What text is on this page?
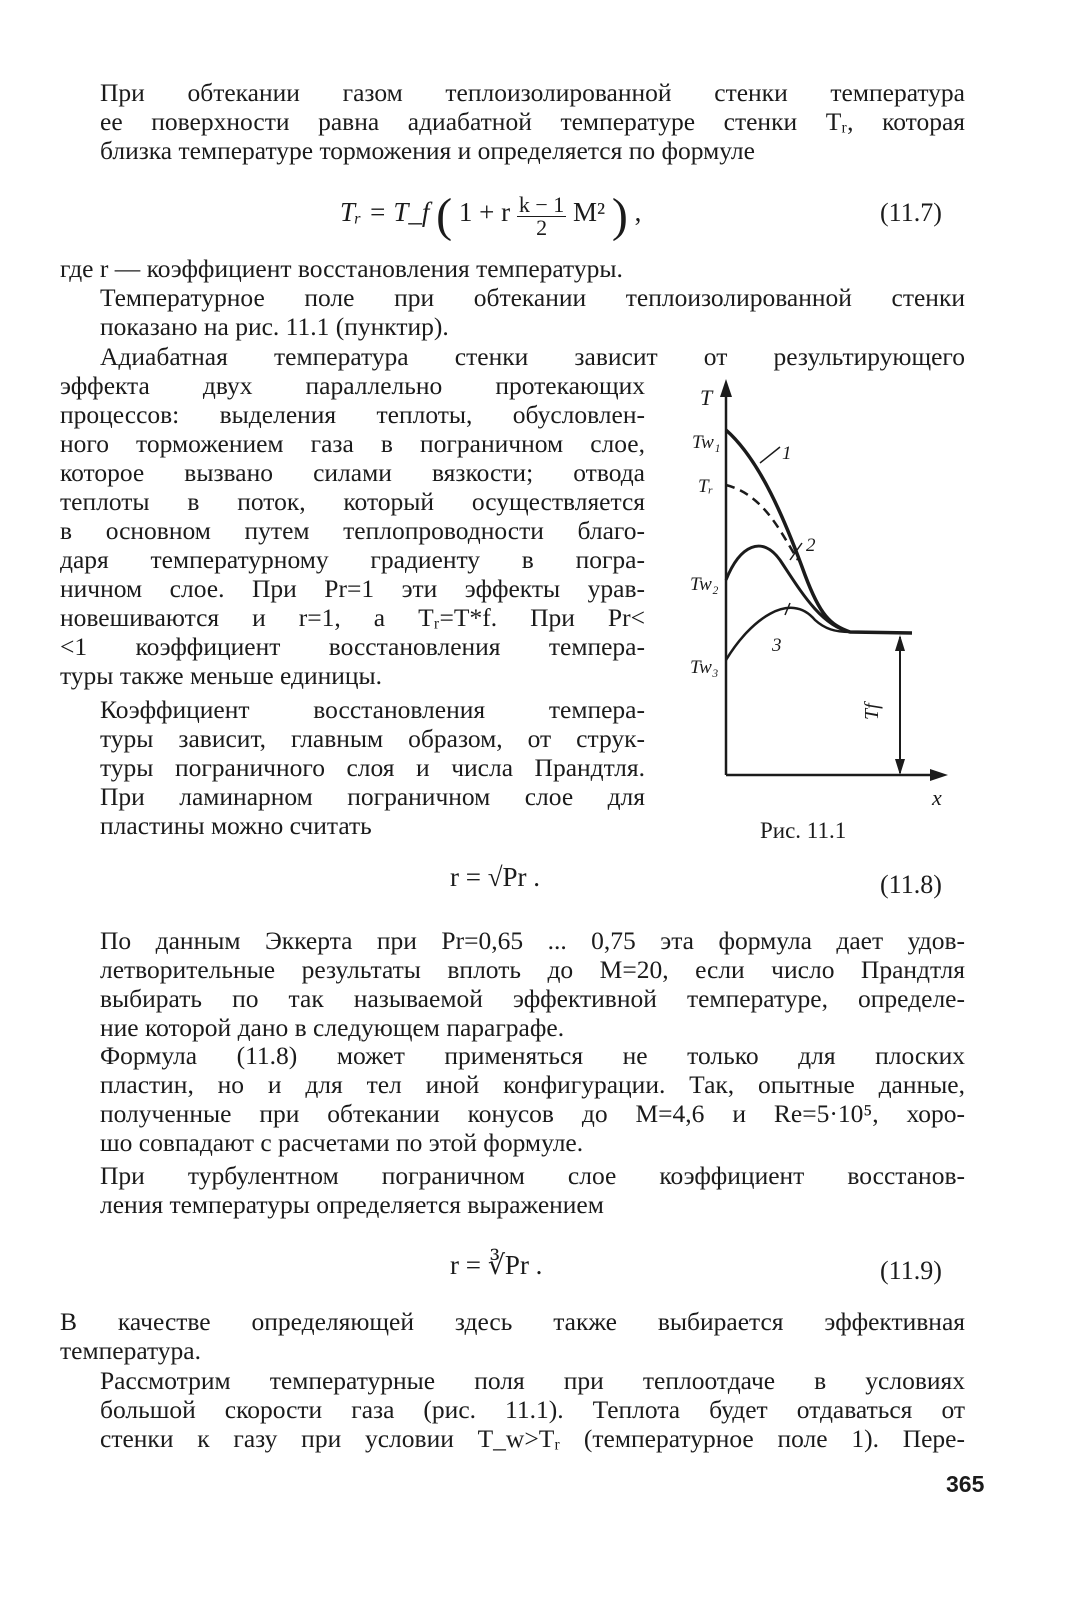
При обтекании газом теплоизолированной стенки температура
ее поверхности равна адиабатной температуре стенки Tᵣ, которая
близка температуре торможения и определяется по формуле

Tᵣ = T_f ( 1 + r $\frac{k - 1}{2} M^2$ ) ,	(11.7)

где r — коэффициент восстановления температуры.

Температурное поле при обтекании теплоизолированной стенки
показано на рис. 11.1 (пунктир).

Адиабатная температура стенки зависит от результирующего

эффекта двух параллельно протекающих
процессов: выделения теплоты, обусловлен-
ного торможением газа в пограничном слое,
которое вызвано силами вязкости; отвода
теплоты в поток, который осуществляется
в основном путем теплопроводности благо-
даря температурному градиенту в погра-
ничном слое. При Pr=1 эти эффекты урав-
новешиваются и r=1, а Tᵣ=T*f. При Pr<
<1 коэффициент восстановления темпера-
туры также меньше единицы.

Коэффициент восстановления темпера-
туры зависит, главным образом, от струк-
туры пограничного слоя и числа Прандтля.
При ламинарном пограничном слое для
пластины можно считать

T
x
Tw₁
Tᵣ
Tw₂
Tw₃
Tf
1
2
3
Рис. 11.1
r = √Pr .	(11.8)

По данным Эккерта при Pr=0,65 ... 0,75 эта формула дает удов-
летворительные результаты вплоть до M=20, если число Прандтля
выбирать по так называемой эффективной температуре, определе-
ние которой дано в следующем параграфе.

Формула (11.8) может применяться не только для плоских
пластин, но и для тел иной конфигурации. Так, опытные данные,
полученные при обтекании конусов до M=4,6 и Re=5·10⁵, хоро-
шо совпадают с расчетами по этой формуле.

При турбулентном пограничном слое коэффициент восстанов-
ления температуры определяется выражением

r = ∛Pr .	(11.9)

В качестве определяющей здесь также выбирается эффективная
температура.

Рассмотрим температурные поля при теплоотдаче в условиях
большой скорости газа (рис. 11.1). Теплота будет отдаваться от
стенки к газу при условии T_w>Tᵣ (температурное поле 1). Пере-

365
